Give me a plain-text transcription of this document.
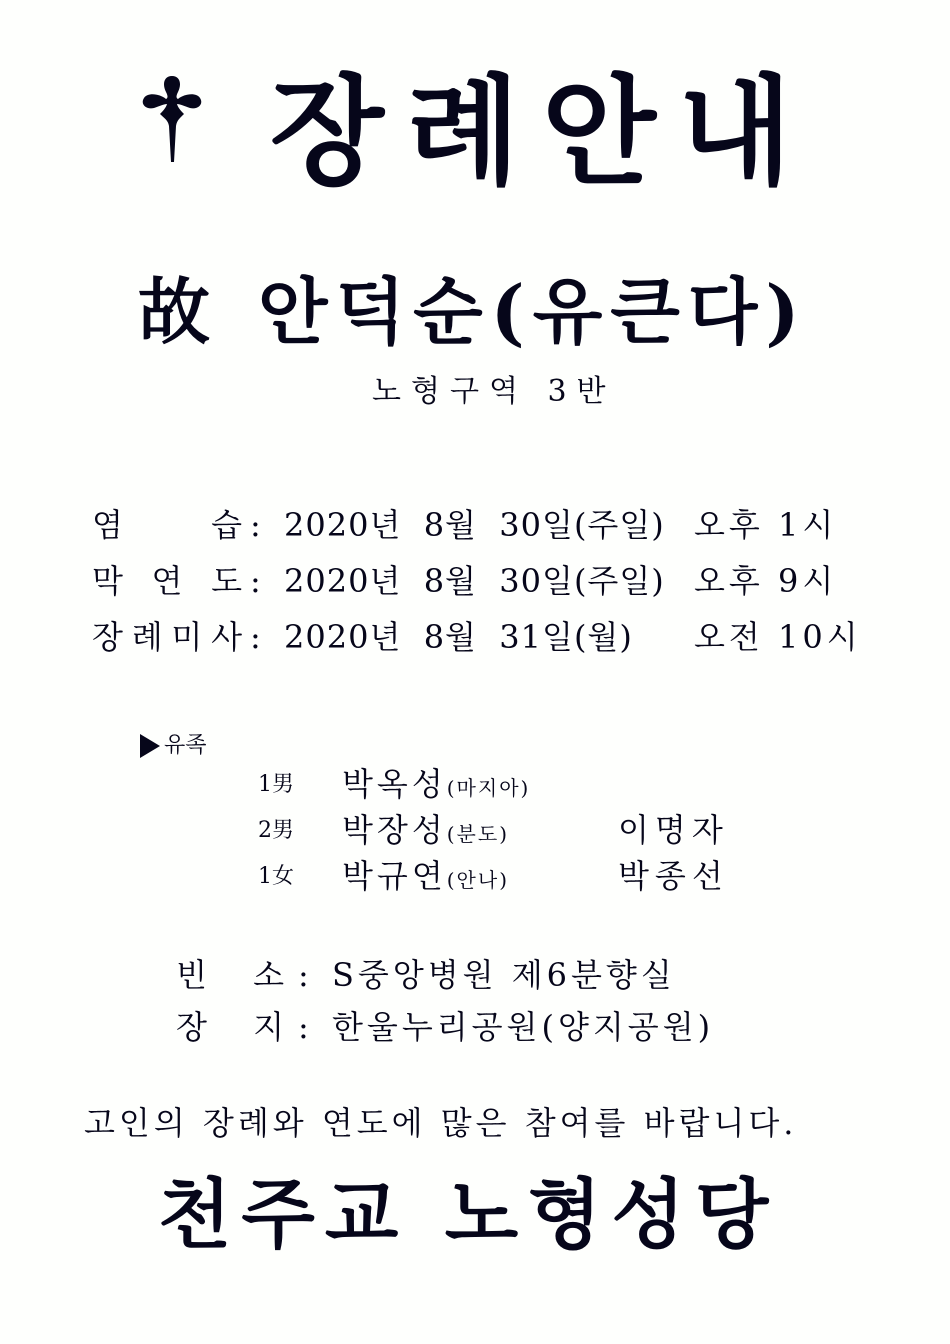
장례안내
故 안덕순(유큰다)
노형구역 3반
염	습 : 2020년  8월  30일(주일) 오후 1시
막 연 도 : 2020년  8월  30일(주일) 오후 9시
장 례 미 사 : 2020년  8월  31일(월) 오전 10시
유족
1男 박옥성(마지아)
2男 박장성(분도)	이명자
1女 박규연(안나)	박종선
빈 소 : S중앙병원 제6분향실
장 지 : 한울누리공원(양지공원)
고인의 장례와 연도에 많은 참여를 바랍니다.
천주교 노형성당
